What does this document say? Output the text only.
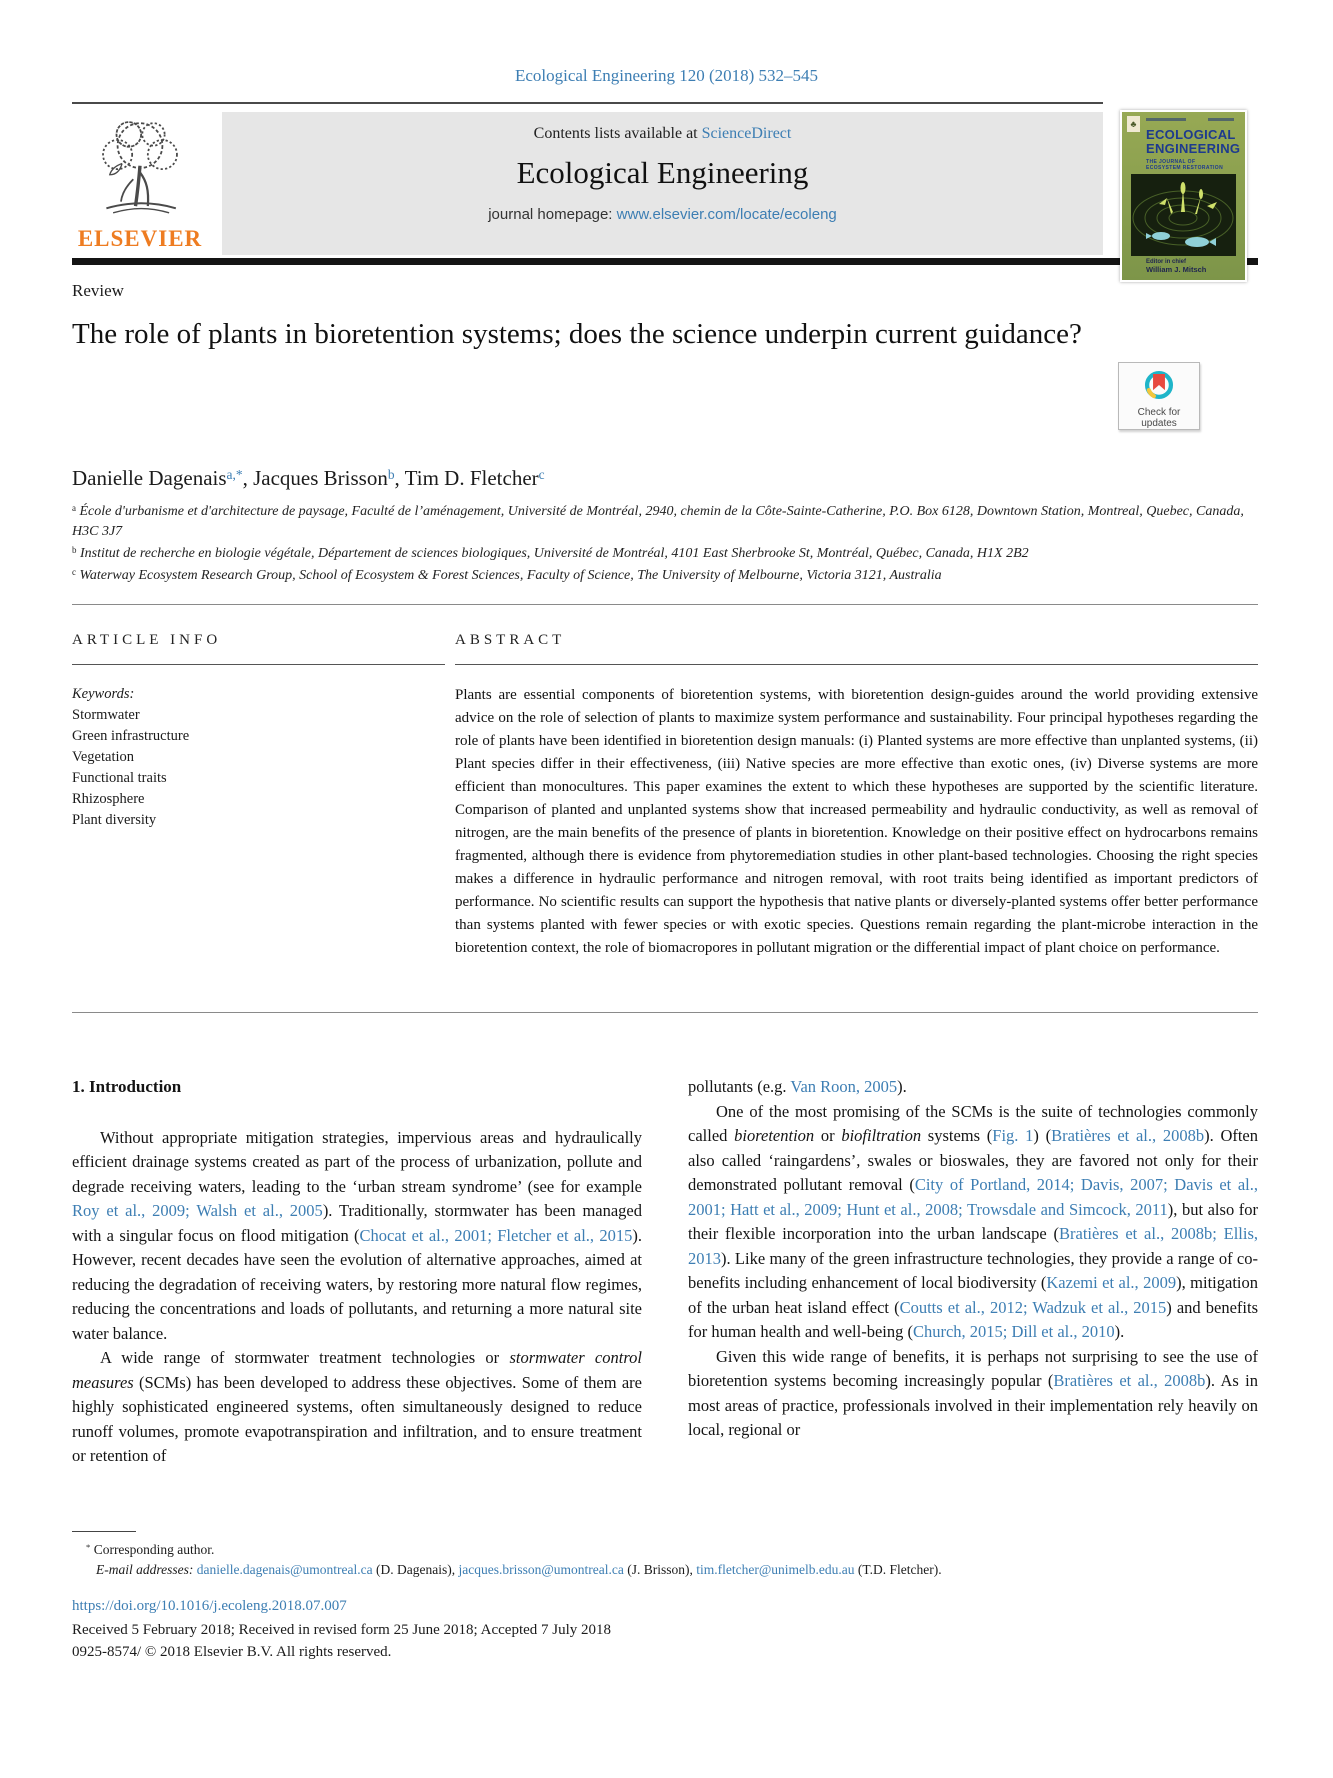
Ecological Engineering 120 (2018) 532–545
ELSEVIER
Contents lists available at ScienceDirect
Ecological Engineering
journal homepage: www.elsevier.com/locate/ecoleng
♣
ECOLOGICAL
ENGINEERING
THE JOURNAL OF
ECOSYSTEM RESTORATION
Editor in chief
William J. Mitsch
Review
The role of plants in bioretention systems; does the science underpin current guidance?
Check for
updates
Danielle Dagenais$^{a,*}$, Jacques Brisson$^b$, Tim D. Fletcher$^c$
$^a$ École d'urbanisme et d'architecture de paysage, Faculté de l’aménagement, Université de Montréal, 2940, chemin de la Côte-Sainte-Catherine, P.O. Box 6128, Downtown Station, Montreal, Quebec, Canada, H3C 3J7
$^b$ Institut de recherche en biologie végétale, Département de sciences biologiques, Université de Montréal, 4101 East Sherbrooke St, Montréal, Québec, Canada, H1X 2B2
$^c$ Waterway Ecosystem Research Group, School of Ecosystem & Forest Sciences, Faculty of Science, The University of Melbourne, Victoria 3121, Australia
ARTICLE INFO	ABSTRACT
Keywords:
Stormwater
Green infrastructure
Vegetation
Functional traits
Rhizosphere
Plant diversity
Plants are essential components of bioretention systems, with bioretention design-guides around the world providing extensive advice on the role of selection of plants to maximize system performance and sustainability. Four principal hypotheses regarding the role of plants have been identified in bioretention design manuals: (i) Planted systems are more effective than unplanted systems, (ii) Plant species differ in their effectiveness, (iii) Native species are more effective than exotic ones, (iv) Diverse systems are more efficient than monocultures. This paper examines the extent to which these hypotheses are supported by the scientific literature. Comparison of planted and unplanted systems show that increased permeability and hydraulic conductivity, as well as removal of nitrogen, are the main benefits of the presence of plants in bioretention. Knowledge on their positive effect on hydrocarbons remains fragmented, although there is evidence from phytoremediation studies in other plant-based technologies. Choosing the right species makes a difference in hydraulic performance and nitrogen removal, with root traits being identified as important predictors of performance. No scientific results can support the hypothesis that native plants or diversely-planted systems offer better performance than systems planted with fewer species or with exotic species. Questions remain regarding the plant-microbe interaction in the bioretention context, the role of biomacropores in pollutant migration or the differential impact of plant choice on performance.
1. Introduction

Without appropriate mitigation strategies, impervious areas and hydraulically efficient drainage systems created as part of the process of urbanization, pollute and degrade receiving waters, leading to the ‘urban stream syndrome’ (see for example Roy et al., 2009; Walsh et al., 2005). Traditionally, stormwater has been managed with a singular focus on flood mitigation (Chocat et al., 2001; Fletcher et al., 2015). However, recent decades have seen the evolution of alternative approaches, aimed at reducing the degradation of receiving waters, by restoring more natural flow regimes, reducing the concentrations and loads of pollutants, and returning a more natural site water balance.

A wide range of stormwater treatment technologies or stormwater control measures (SCMs) has been developed to address these objectives. Some of them are highly sophisticated engineered systems, often simultaneously designed to reduce runoff volumes, promote evapotranspiration and infiltration, and to ensure treatment or retention of

pollutants (e.g. Van Roon, 2005).

One of the most promising of the SCMs is the suite of technologies commonly called bioretention or biofiltration systems (Fig. 1) (Bratières et al., 2008b). Often also called ‘raingardens’, swales or bioswales, they are favored not only for their demonstrated pollutant removal (City of Portland, 2014; Davis, 2007; Davis et al., 2001; Hatt et al., 2009; Hunt et al., 2008; Trowsdale and Simcock, 2011), but also for their flexible incorporation into the urban landscape (Bratières et al., 2008b; Ellis, 2013). Like many of the green infrastructure technologies, they provide a range of co-benefits including enhancement of local biodiversity (Kazemi et al., 2009), mitigation of the urban heat island effect (Coutts et al., 2012; Wadzuk et al., 2015) and benefits for human health and well-being (Church, 2015; Dill et al., 2010).

Given this wide range of benefits, it is perhaps not surprising to see the use of bioretention systems becoming increasingly popular (Bratières et al., 2008b). As in most areas of practice, professionals involved in their implementation rely heavily on local, regional or

* Corresponding author.
E-mail addresses: danielle.dagenais@umontreal.ca (D. Dagenais), jacques.brisson@umontreal.ca (J. Brisson), tim.fletcher@unimelb.edu.au (T.D. Fletcher).
https://doi.org/10.1016/j.ecoleng.2018.07.007
Received 5 February 2018; Received in revised form 25 June 2018; Accepted 7 July 2018
0925-8574/ © 2018 Elsevier B.V. All rights reserved.
